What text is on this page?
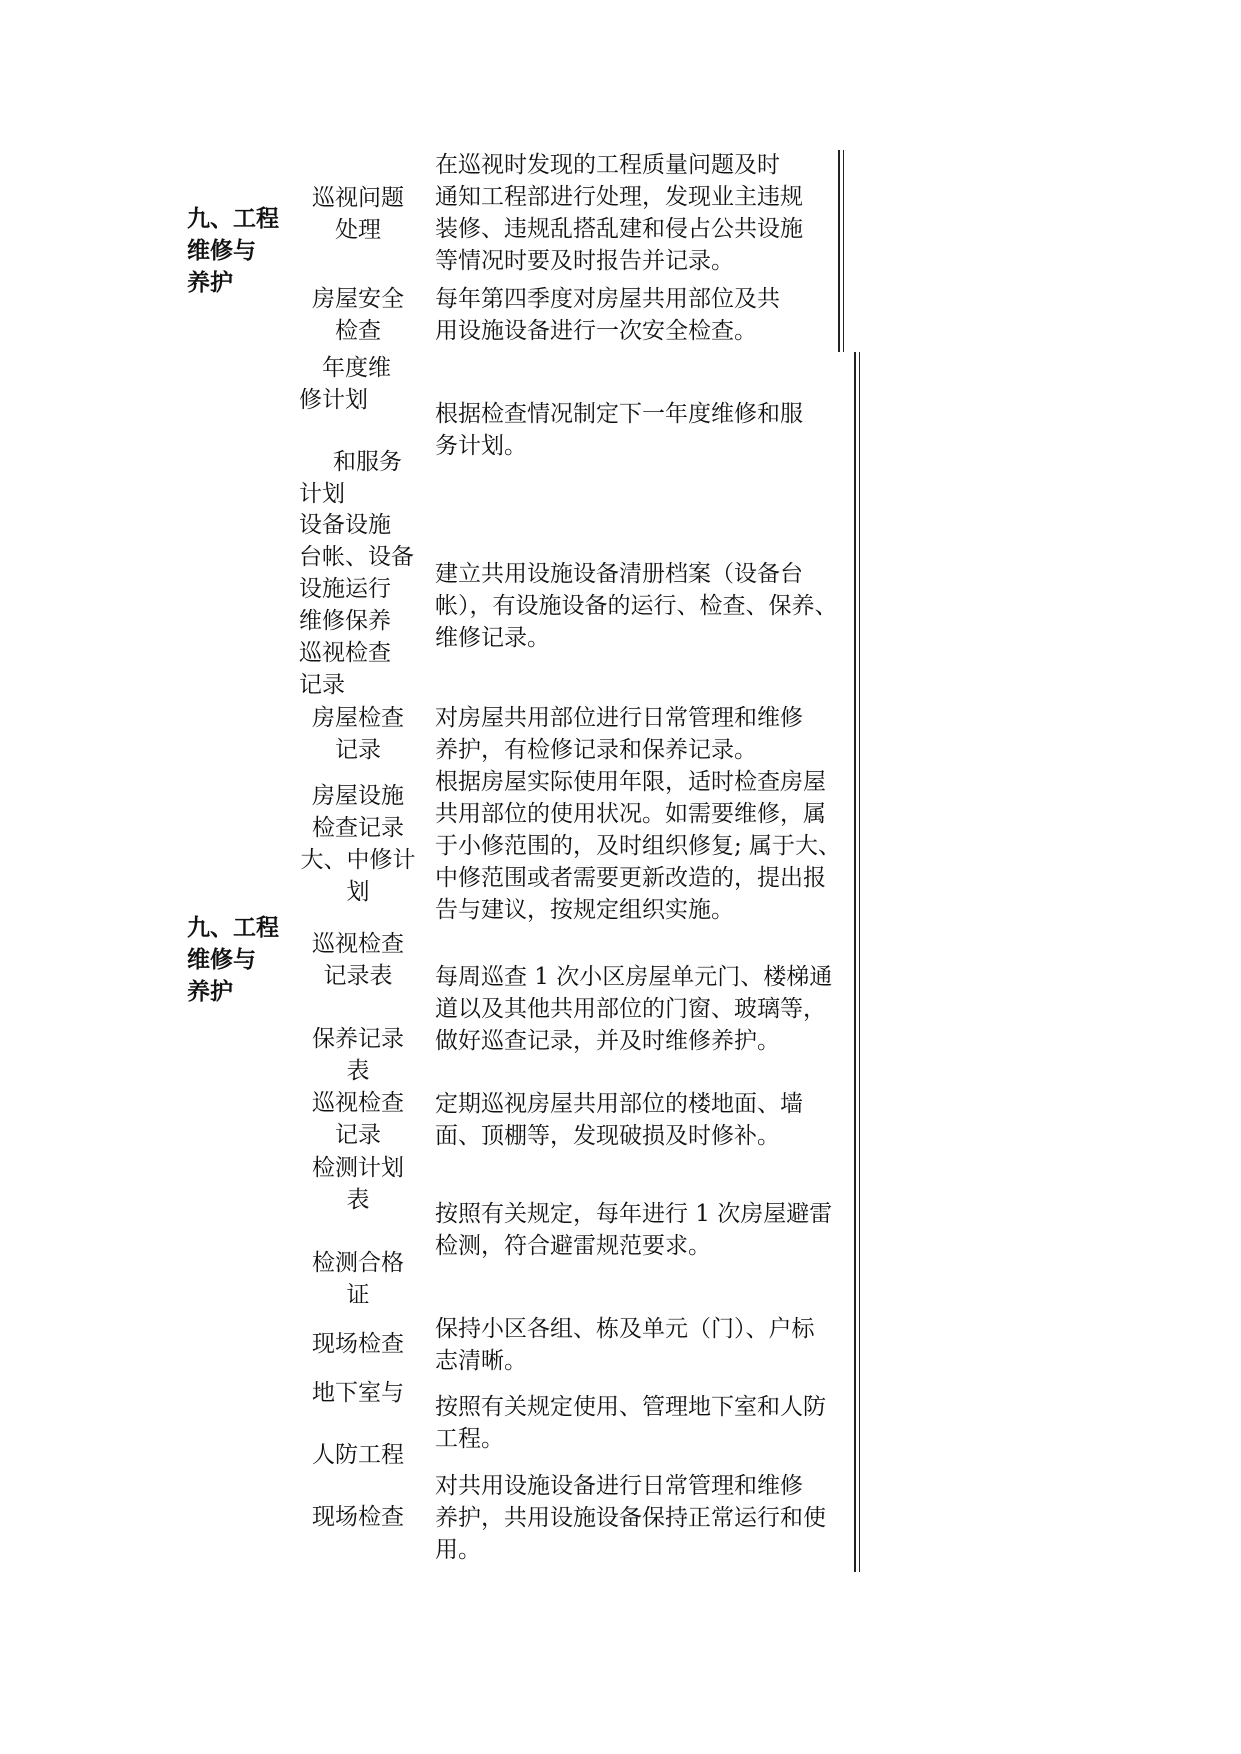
九、工程
维修与
养护
巡视问题
处理
在巡视时发现的工程质量问题及时
通知工程部进行处理，发现业主违规
装修、违规乱搭乱建和侵占公共设施
等情况时要及时报告并记录。
房屋安全
检查
每年第四季度对房屋共用部位及共
用设施设备进行一次安全检查。
九、工程
维修与
养护
年度维
修计划
和服务
计划
根据检查情况制定下一年度维修和服
务计划。
设备设施
台帐、设备
设施运行
维修保养
巡视检查
记录
建立共用设施设备清册档案（设备台
帐），有设施设备的运行、检查、保养、
维修记录。
房屋检查
记录
对房屋共用部位进行日常管理和维修
养护，有检修记录和保养记录。
房屋设施
检查记录
大、中修计
划
根据房屋实际使用年限，适时检查房屋
共用部位的使用状况。如需要维修，属
于小修范围的，及时组织修复; 属于大、
中修范围或者需要更新改造的，提出报
告与建议，按规定组织实施。
巡视检查
记录表
保养记录
表
每周巡查 1 次小区房屋单元门、楼梯通
道以及其他共用部位的门窗、玻璃等，
做好巡查记录，并及时维修养护。
巡视检查
记录
定期巡视房屋共用部位的楼地面、墙
面、顶棚等，发现破损及时修补。
检测计划
表
检测合格
证
按照有关规定，每年进行 1 次房屋避雷
检测，符合避雷规范要求。
现场检查
保持小区各组、栋及单元（门）、户标
志清晰。
地下室与
人防工程
按照有关规定使用、管理地下室和人防
工程。
现场检查
对共用设施设备进行日常管理和维修
养护，共用设施设备保持正常运行和使
用。
